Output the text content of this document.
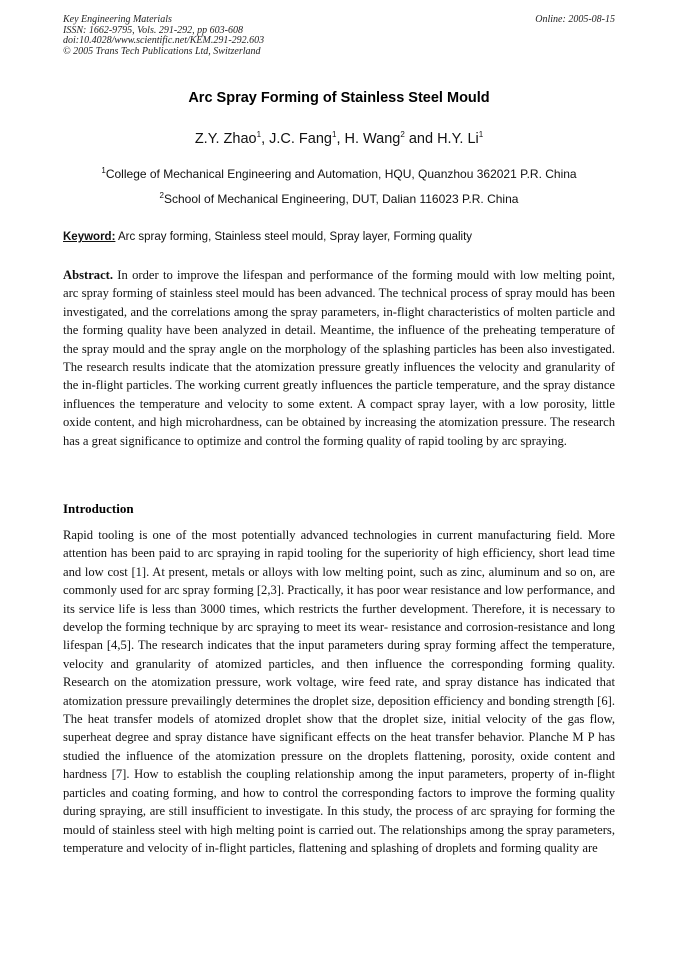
Key Engineering Materials
ISSN: 1662-9795, Vols. 291-292, pp 603-608
doi:10.4028/www.scientific.net/KEM.291-292.603
© 2005 Trans Tech Publications Ltd, Switzerland
Online: 2005-08-15
Arc Spray Forming of Stainless Steel Mould
Z.Y. Zhao$^1$, J.C. Fang$^1$, H. Wang$^2$ and H.Y. Li$^1$
$^1$College of Mechanical Engineering and Automation, HQU, Quanzhou 362021 P.R. China
$^2$School of Mechanical Engineering, DUT, Dalian 116023 P.R. China
Keyword: Arc spray forming, Stainless steel mould, Spray layer, Forming quality
Abstract. In order to improve the lifespan and performance of the forming mould with low melting point, arc spray forming of stainless steel mould has been advanced. The technical process of spray mould has been investigated, and the correlations among the spray parameters, in-flight characteristics of molten particle and the forming quality have been analyzed in detail. Meantime, the influence of the preheating temperature of the spray mould and the spray angle on the morphology of the splashing particles has been also investigated. The research results indicate that the atomization pressure greatly influences the velocity and granularity of the in-flight particles. The working current greatly influences the particle temperature, and the spray distance influences the temperature and velocity to some extent. A compact spray layer, with a low porosity, little oxide content, and high microhardness, can be obtained by increasing the atomization pressure. The research has a great significance to optimize and control the forming quality of rapid tooling by arc spraying.
Introduction
Rapid tooling is one of the most potentially advanced technologies in current manufacturing field. More attention has been paid to arc spraying in rapid tooling for the superiority of high efficiency, short lead time and low cost [1]. At present, metals or alloys with low melting point, such as zinc, aluminum and so on, are commonly used for arc spray forming [2,3]. Practically, it has poor wear resistance and low performance, and its service life is less than 3000 times, which restricts the further development. Therefore, it is necessary to develop the forming technique by arc spraying to meet its wear- resistance and corrosion-resistance and long lifespan [4,5]. The research indicates that the input parameters during spray forming affect the temperature, velocity and granularity of atomized particles, and then influence the corresponding forming quality. Research on the atomization pressure, work voltage, wire feed rate, and spray distance has indicated that atomization pressure prevailingly determines the droplet size, deposition efficiency and bonding strength [6]. The heat transfer models of atomized droplet show that the droplet size, initial velocity of the gas flow, superheat degree and spray distance have significant effects on the heat transfer behavior. Planche M P has studied the influence of the atomization pressure on the droplets flattening, porosity, oxide content and hardness [7]. How to establish the coupling relationship among the input parameters, property of in-flight particles and coating forming, and how to control the corresponding factors to improve the forming quality during spraying, are still insufficient to investigate. In this study, the process of arc spraying for forming the mould of stainless steel with high melting point is carried out. The relationships among the spray parameters, temperature and velocity of in-flight particles, flattening and splashing of droplets and forming quality are
